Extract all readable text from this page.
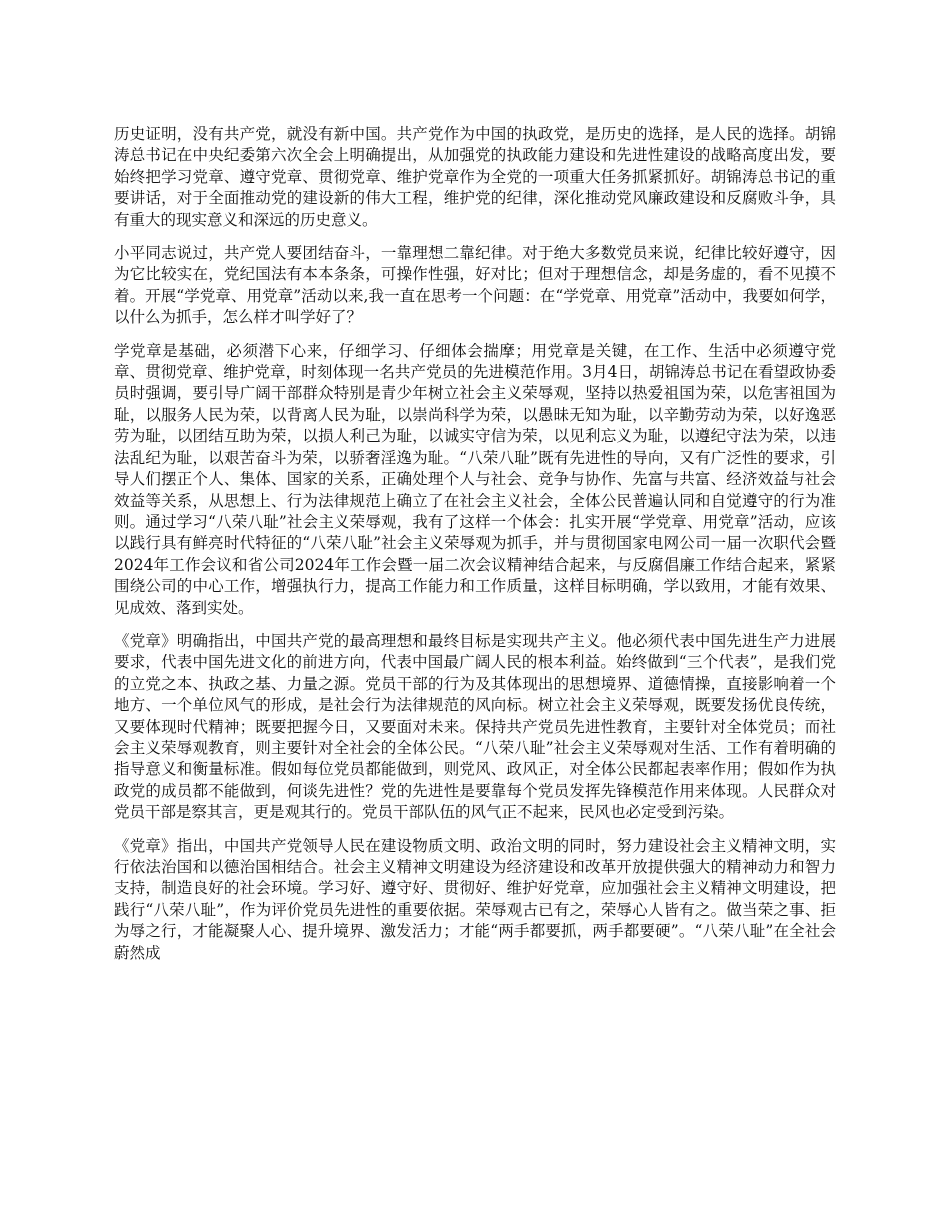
历史证明，没有共产党，就没有新中国。共产党作为中国的执政党，是历史的选择，是人民的选择。胡锦涛总书记在中央纪委第六次全会上明确提出，从加强党的执政能力建设和先进性建设的战略高度出发，要始终把学习党章、遵守党章、贯彻党章、维护党章作为全党的一项重大任务抓紧抓好。胡锦涛总书记的重要讲话，对于全面推动党的建设新的伟大工程，维护党的纪律，深化推动党风廉政建设和反腐败斗争，具有重大的现实意义和深远的历史意义。

小平同志说过，共产党人要团结奋斗，一靠理想二靠纪律。对于绝大多数党员来说，纪律比较好遵守，因为它比较实在，党纪国法有本本条条，可操作性强，好对比；但对于理想信念，却是务虚的，看不见摸不着。开展“学党章、用党章”活动以来,我一直在思考一个问题：在“学党章、用党章”活动中，我要如何学，以什么为抓手，怎么样才叫学好了？

学党章是基础，必须潜下心来，仔细学习、仔细体会揣摩；用党章是关键，在工作、生活中必须遵守党章、贯彻党章、维护党章，时刻体现一名共产党员的先进模范作用。3月4日，胡锦涛总书记在看望政协委员时强调，要引导广阔干部群众特别是青少年树立社会主义荣辱观，坚持以热爱祖国为荣，以危害祖国为耻，以服务人民为荣，以背离人民为耻，以崇尚科学为荣，以愚昧无知为耻，以辛勤劳动为荣，以好逸恶劳为耻，以团结互助为荣，以损人利己为耻，以诚实守信为荣，以见利忘义为耻，以遵纪守法为荣，以违法乱纪为耻，以艰苦奋斗为荣，以骄奢淫逸为耻。“八荣八耻”既有先进性的导向，又有广泛性的要求，引导人们摆正个人、集体、国家的关系，正确处理个人与社会、竞争与协作、先富与共富、经济效益与社会效益等关系，从思想上、行为法律规范上确立了在社会主义社会，全体公民普遍认同和自觉遵守的行为准则。通过学习“八荣八耻”社会主义荣辱观，我有了这样一个体会：扎实开展“学党章、用党章”活动，应该以践行具有鲜亮时代特征的“八荣八耻”社会主义荣辱观为抓手，并与贯彻国家电网公司一届一次职代会暨2024年工作会议和省公司2024年工作会暨一届二次会议精神结合起来，与反腐倡廉工作结合起来，紧紧围绕公司的中心工作，增强执行力，提高工作能力和工作质量，这样目标明确，学以致用，才能有效果、见成效、落到实处。

《党章》明确指出，中国共产党的最高理想和最终目标是实现共产主义。他必须代表中国先进生产力进展要求，代表中国先进文化的前进方向，代表中国最广阔人民的根本利益。始终做到“三个代表”，是我们党的立党之本、执政之基、力量之源。党员干部的行为及其体现出的思想境界、道德情操，直接影响着一个地方、一个单位风气的形成，是社会行为法律规范的风向标。树立社会主义荣辱观，既要发扬优良传统，又要体现时代精神；既要把握今日，又要面对未来。保持共产党员先进性教育，主要针对全体党员；而社会主义荣辱观教育，则主要针对全社会的全体公民。“八荣八耻”社会主义荣辱观对生活、工作有着明确的指导意义和衡量标准。假如每位党员都能做到，则党风、政风正，对全体公民都起表率作用；假如作为执政党的成员都不能做到，何谈先进性？党的先进性是要靠每个党员发挥先锋模范作用来体现。人民群众对党员干部是察其言，更是观其行的。党员干部队伍的风气正不起来，民风也必定受到污染。

《党章》指出，中国共产党领导人民在建设物质文明、政治文明的同时，努力建设社会主义精神文明，实行依法治国和以德治国相结合。社会主义精神文明建设为经济建设和改革开放提供强大的精神动力和智力支持，制造良好的社会环境。学习好、遵守好、贯彻好、维护好党章，应加强社会主义精神文明建设，把践行“八荣八耻”，作为评价党员先进性的重要依据。荣辱观古已有之，荣辱心人皆有之。做当荣之事、拒为辱之行，才能凝聚人心、提升境界、激发活力；才能“两手都要抓，两手都要硬”。“八荣八耻”在全社会蔚然成
